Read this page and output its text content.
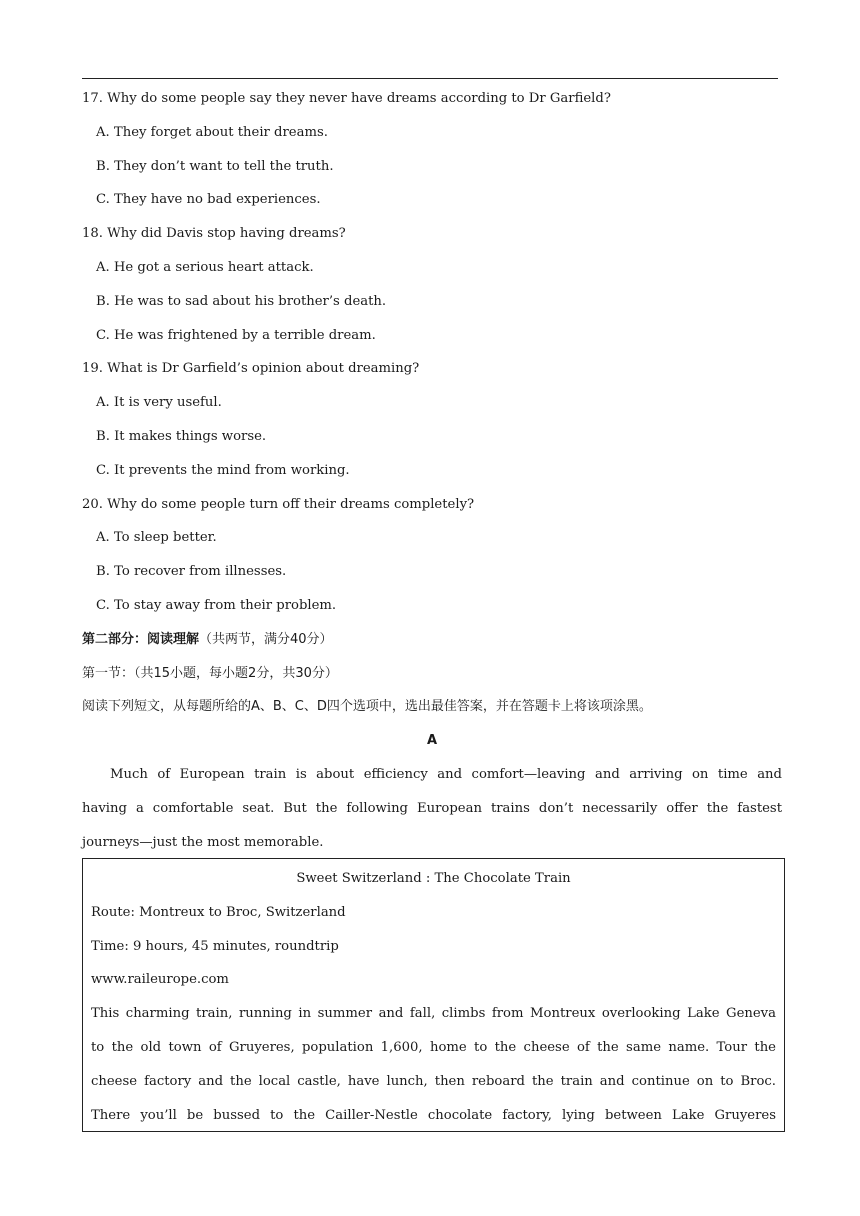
17. Why do some people say they never have dreams according to Dr Garfield?
A. They forget about their dreams.
B. They don’t want to tell the truth.
C. They have no bad experiences.
18. Why did Davis stop having dreams?
A. He got a serious heart attack.
B. He was to sad about his brother’s death.
C. He was frightened by a terrible dream.
19. What is Dr Garfield’s opinion about dreaming?
A. It is very useful.
B. It makes things worse.
C. It prevents the mind from working.
20. Why do some people turn off their dreams completely?
A. To sleep better.
B. To recover from illnesses.
C. To stay away from their problem.
第二部分：阅读理解（共两节，满分40分）
第一节：（共15小题，每小题2分，共30分）
阅读下列短文，从每题所给的A、B、C、D四个选项中，选出最佳答案，并在答题卡上将该项涂黑。
A
Much of European train is about efficiency and comfort—leaving and arriving on time and
having a comfortable seat. But the following European trains don’t necessarily offer the fastest
journeys—just the most memorable.
Sweet Switzerland : The Chocolate Train
Route: Montreux to Broc, Switzerland
Time: 9 hours, 45 minutes, roundtrip
www.raileurope.com
This charming train, running in summer and fall, climbs from Montreux overlooking Lake Geneva
to the old town of Gruyeres, population 1,600, home to the cheese of the same name. Tour the
cheese factory and the local castle, have lunch, then reboard the train and continue on to Broc.
There you’ll be bussed to the Cailler-Nestle chocolate factory, lying between Lake Gruyeres
